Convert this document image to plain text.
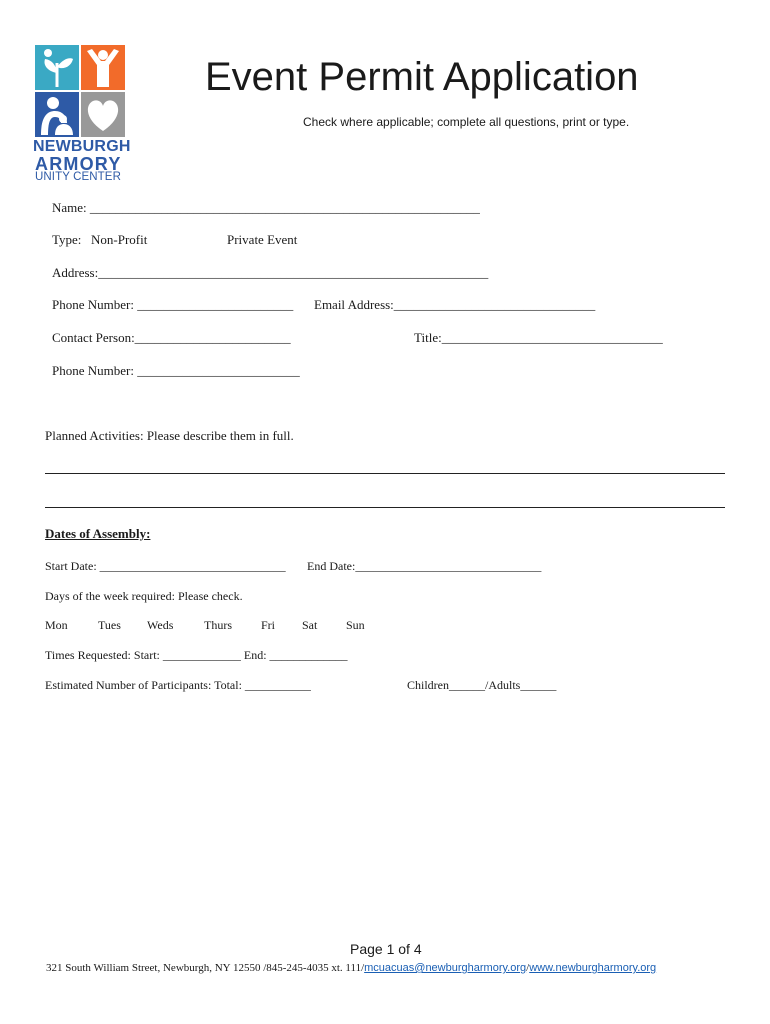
NEWBURGH
ARMORY
UNITY CENTER
Event Permit Application
Check where applicable; complete all questions, print or type.
Name: ____________________________________________________________
Type: Non-Profit	Private Event
Address:____________________________________________________________
Phone Number: ________________________ Email Address:_______________________________
Contact Person:________________________	Title:__________________________________
Phone Number: _________________________
Planned Activities: Please describe them in full.
Dates of Assembly:
Start Date: _______________________________ End Date:_______________________________
Days of the week required: Please check.
Mon	Tues Weds	Thurs Fri Sat Sun
Times Requested: Start: _____________ End: _____________
Estimated Number of Participants: Total: ___________	Children______/Adults______
Page 1 of 4
321 South William Street, Newburgh, NY 12550 /845-245-4035 xt. 111/mcuacuas@newburgharmory.org/www.newburgharmory.org
